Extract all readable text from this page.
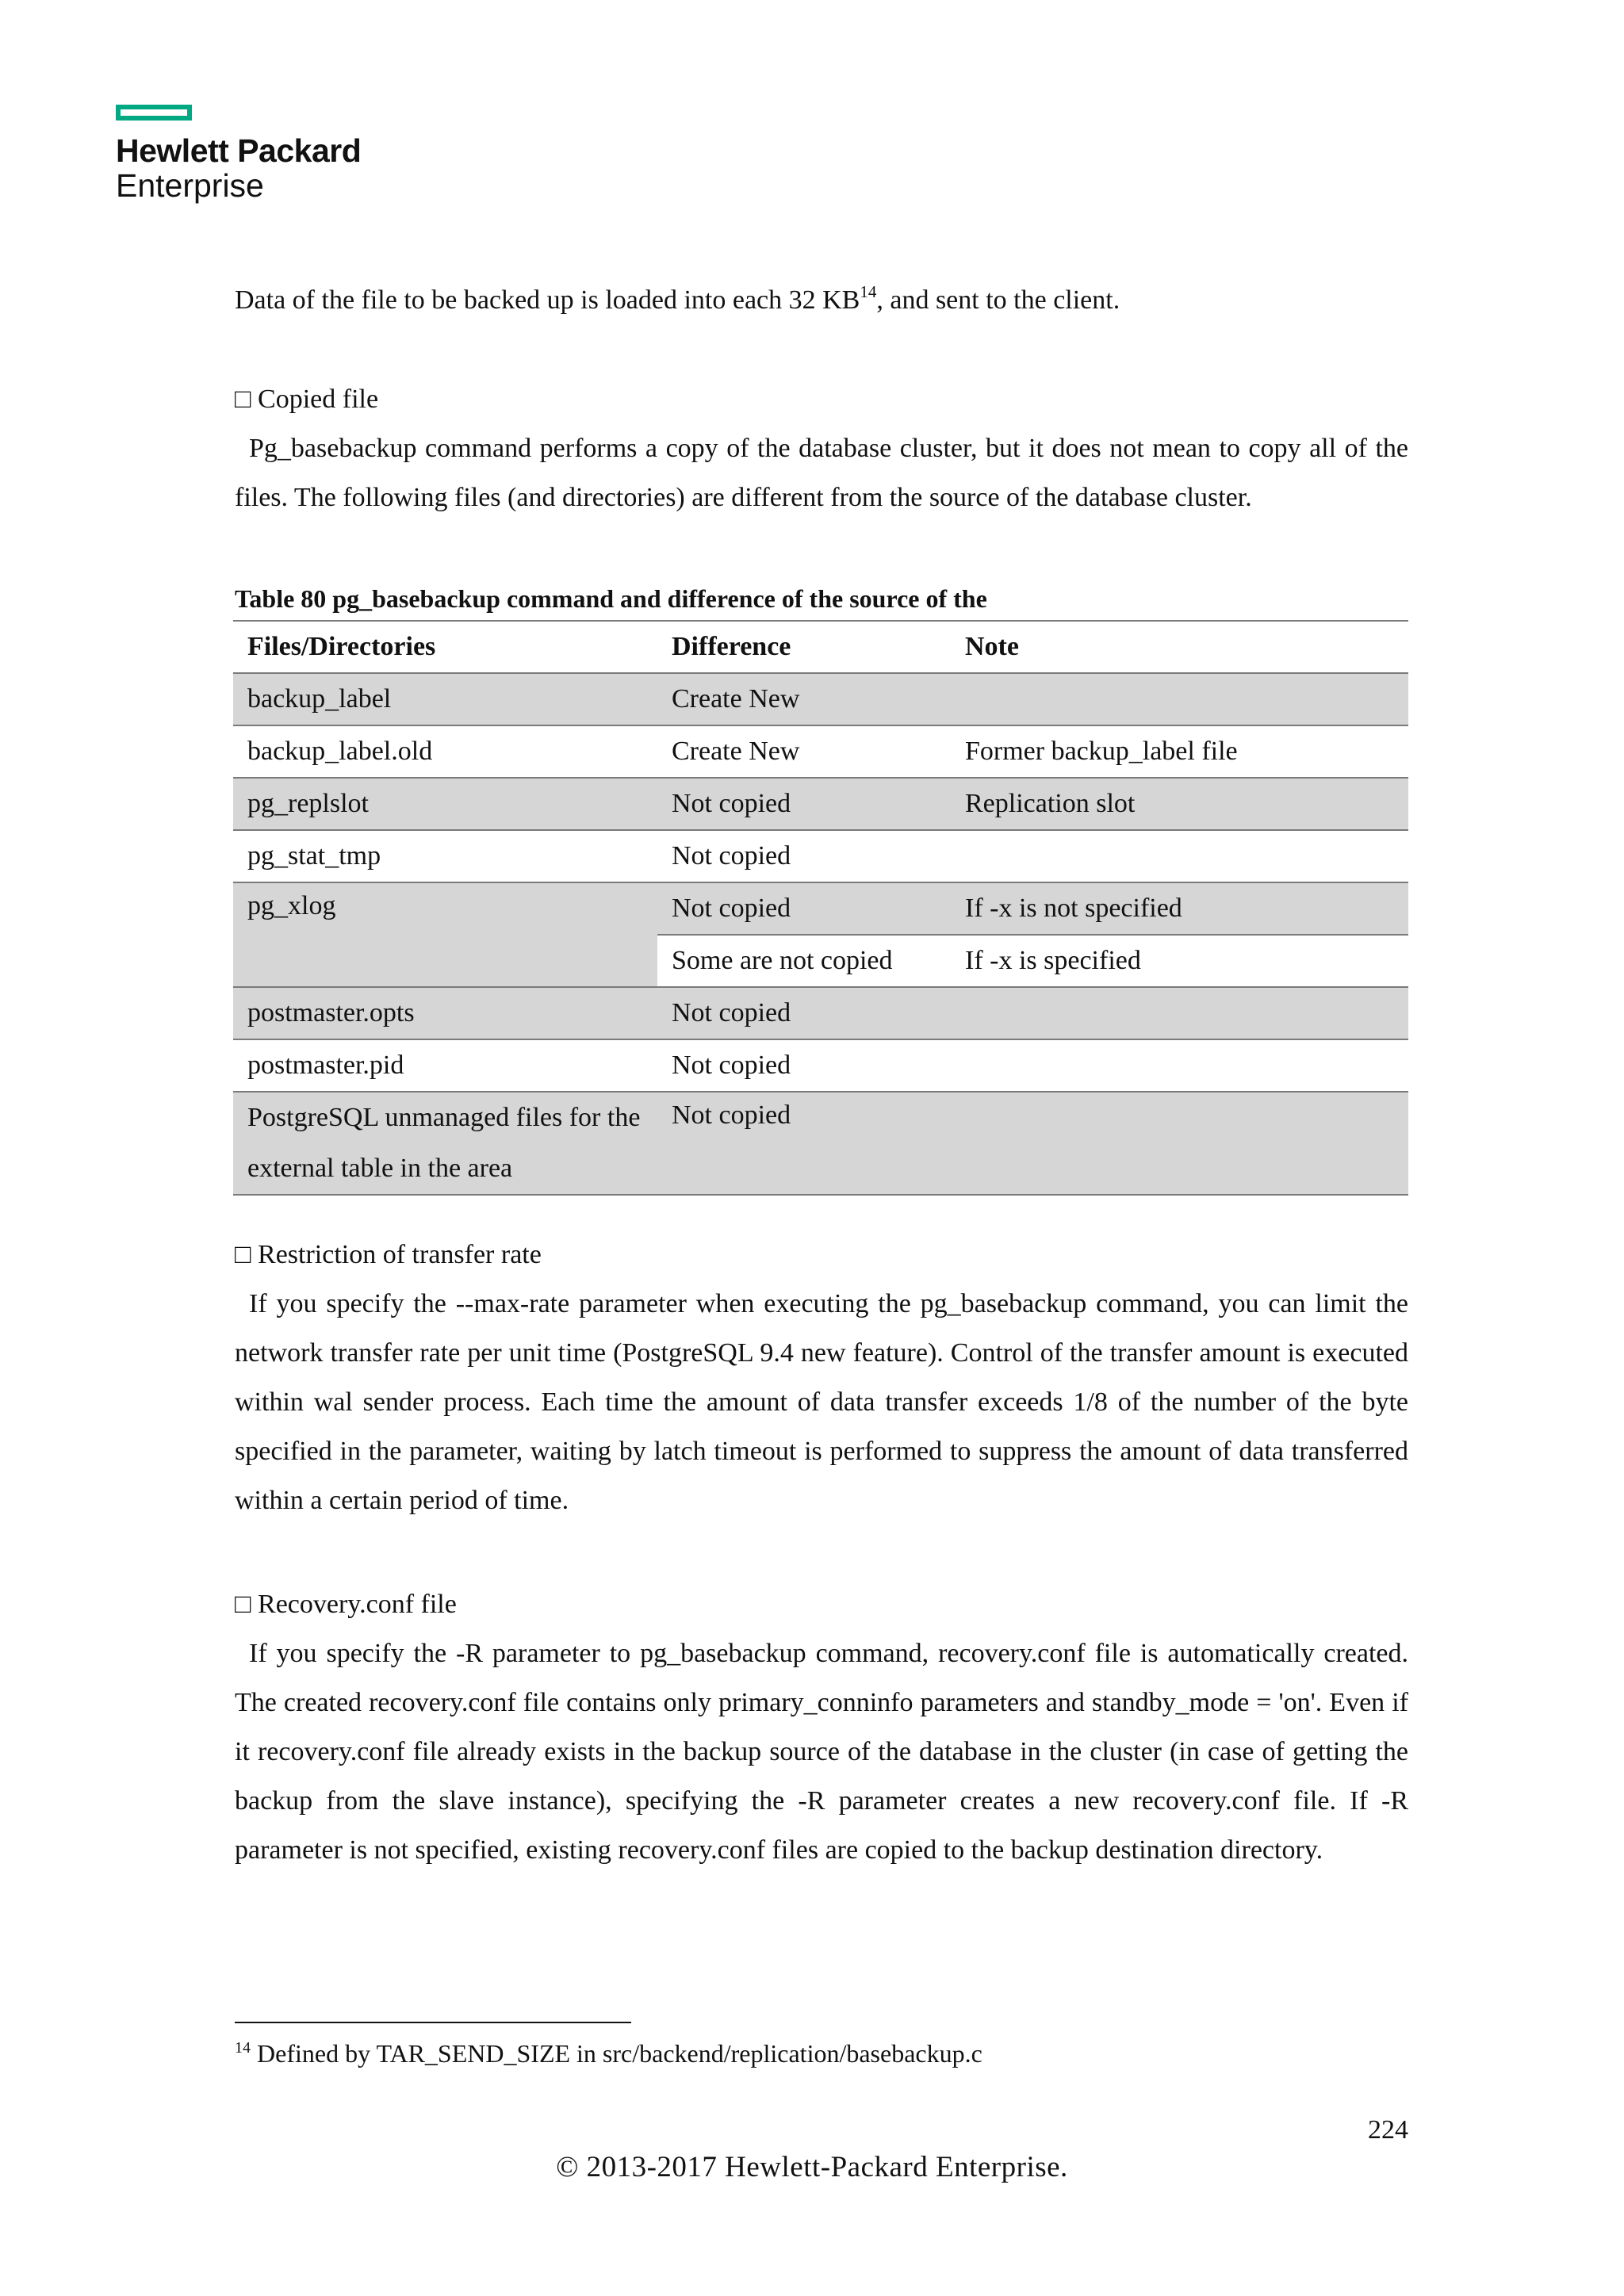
Hewlett Packard
Enterprise
Data of the file to be backed up is loaded into each 32 KB$^{14}$, and sent to the client.
□ Copied file
Pg_basebackup command performs a copy of the database cluster, but it does not mean to copy all of the files. The following files (and directories) are different from the source of the database cluster.
Table 80 pg_basebackup command and difference of the source of the
Files/Directories	Difference	Note
backup_label	Create New	
backup_label.old	Create New	Former backup_label file
pg_replslot	Not copied	Replication slot
pg_stat_tmp	Not copied	
pg_xlog	Not copied	If -x is not specified
	Some are not copied	If -x is specified
postmaster.opts	Not copied	
postmaster.pid	Not copied	
PostgreSQL unmanaged files for the external table in the area	Not copied	
□ Restriction of transfer rate
If you specify the --max-rate parameter when executing the pg_basebackup command, you can limit the network transfer rate per unit time (PostgreSQL 9.4 new feature). Control of the transfer amount is executed within wal sender process. Each time the amount of data transfer exceeds 1/8 of the number of the byte specified in the parameter, waiting by latch timeout is performed to suppress the amount of data transferred within a certain period of time.
□ Recovery.conf file
If you specify the -R parameter to pg_basebackup command, recovery.conf file is automatically created. The created recovery.conf file contains only primary_conninfo parameters and standby_mode = 'on'. Even if it recovery.conf file already exists in the backup source of the database in the cluster (in case of getting the backup from the slave instance), specifying the -R parameter creates a new recovery.conf file. If -R parameter is not specified, existing recovery.conf files are copied to the backup destination directory.
$^{14}$ Defined by TAR_SEND_SIZE in src/backend/replication/basebackup.c
224
© 2013-2017 Hewlett-Packard Enterprise.
